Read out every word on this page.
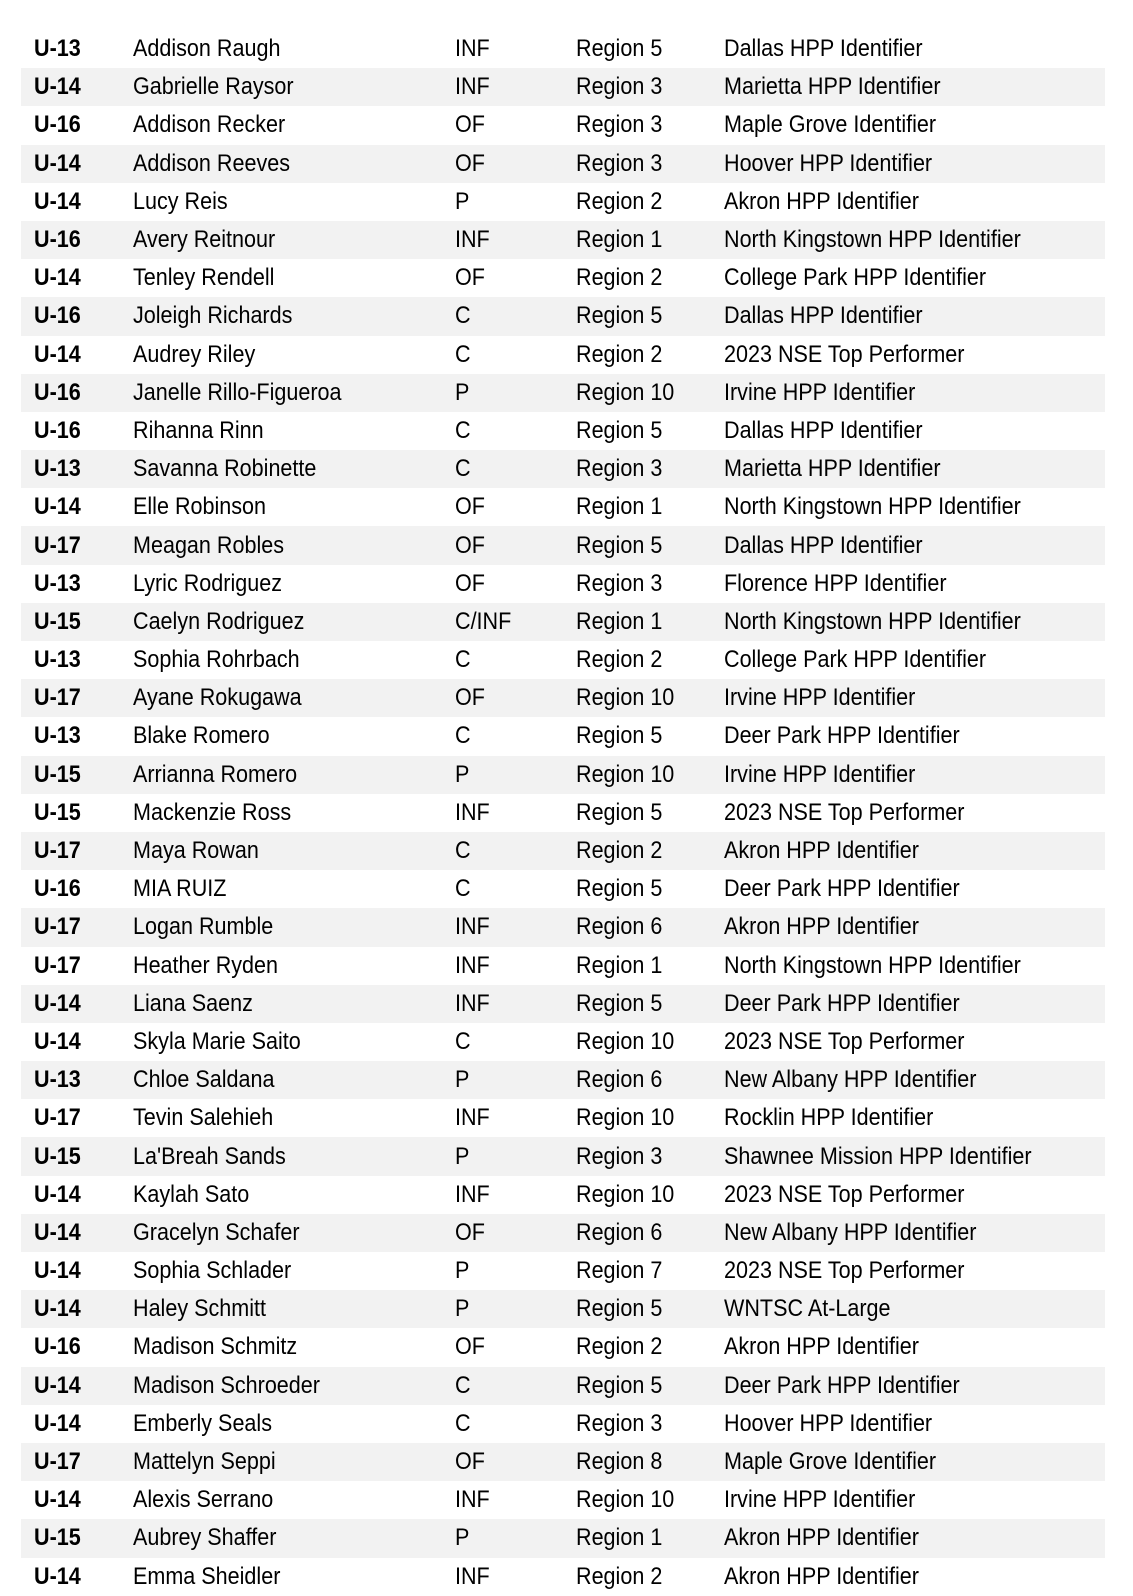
U-13	Addison Raugh	INF	Region 5	Dallas HPP Identifier
U-14	Gabrielle Raysor	INF	Region 3	Marietta HPP Identifier
U-16	Addison Recker	OF	Region 3	Maple Grove Identifier
U-14	Addison Reeves	OF	Region 3	Hoover HPP Identifier
U-14	Lucy Reis	P	Region 2	Akron HPP Identifier
U-16	Avery Reitnour	INF	Region 1	North Kingstown HPP Identifier
U-14	Tenley Rendell	OF	Region 2	College Park HPP Identifier
U-16	Joleigh Richards	C	Region 5	Dallas HPP Identifier
U-14	Audrey Riley	C	Region 2	2023 NSE Top Performer
U-16	Janelle Rillo-Figueroa	P	Region 10	Irvine HPP Identifier
U-16	Rihanna Rinn	C	Region 5	Dallas HPP Identifier
U-13	Savanna Robinette	C	Region 3	Marietta HPP Identifier
U-14	Elle Robinson	OF	Region 1	North Kingstown HPP Identifier
U-17	Meagan Robles	OF	Region 5	Dallas HPP Identifier
U-13	Lyric Rodriguez	OF	Region 3	Florence HPP Identifier
U-15	Caelyn Rodriguez	C/INF	Region 1	North Kingstown HPP Identifier
U-13	Sophia Rohrbach	C	Region 2	College Park HPP Identifier
U-17	Ayane Rokugawa	OF	Region 10	Irvine HPP Identifier
U-13	Blake Romero	C	Region 5	Deer Park HPP Identifier
U-15	Arrianna Romero	P	Region 10	Irvine HPP Identifier
U-15	Mackenzie Ross	INF	Region 5	2023 NSE Top Performer
U-17	Maya Rowan	C	Region 2	Akron HPP Identifier
U-16	MIA RUIZ	C	Region 5	Deer Park HPP Identifier
U-17	Logan Rumble	INF	Region 6	Akron HPP Identifier
U-17	Heather Ryden	INF	Region 1	North Kingstown HPP Identifier
U-14	Liana Saenz	INF	Region 5	Deer Park HPP Identifier
U-14	Skyla Marie Saito	C	Region 10	2023 NSE Top Performer
U-13	Chloe Saldana	P	Region 6	New Albany HPP Identifier
U-17	Tevin Salehieh	INF	Region 10	Rocklin HPP Identifier
U-15	La'Breah Sands	P	Region 3	Shawnee Mission HPP Identifier
U-14	Kaylah Sato	INF	Region 10	2023 NSE Top Performer
U-14	Gracelyn Schafer	OF	Region 6	New Albany HPP Identifier
U-14	Sophia Schlader	P	Region 7	2023 NSE Top Performer
U-14	Haley Schmitt	P	Region 5	WNTSC At-Large
U-16	Madison Schmitz	OF	Region 2	Akron HPP Identifier
U-14	Madison Schroeder	C	Region 5	Deer Park HPP Identifier
U-14	Emberly Seals	C	Region 3	Hoover HPP Identifier
U-17	Mattelyn Seppi	OF	Region 8	Maple Grove Identifier
U-14	Alexis Serrano	INF	Region 10	Irvine HPP Identifier
U-15	Aubrey Shaffer	P	Region 1	Akron HPP Identifier
U-14	Emma Sheidler	INF	Region 2	Akron HPP Identifier
